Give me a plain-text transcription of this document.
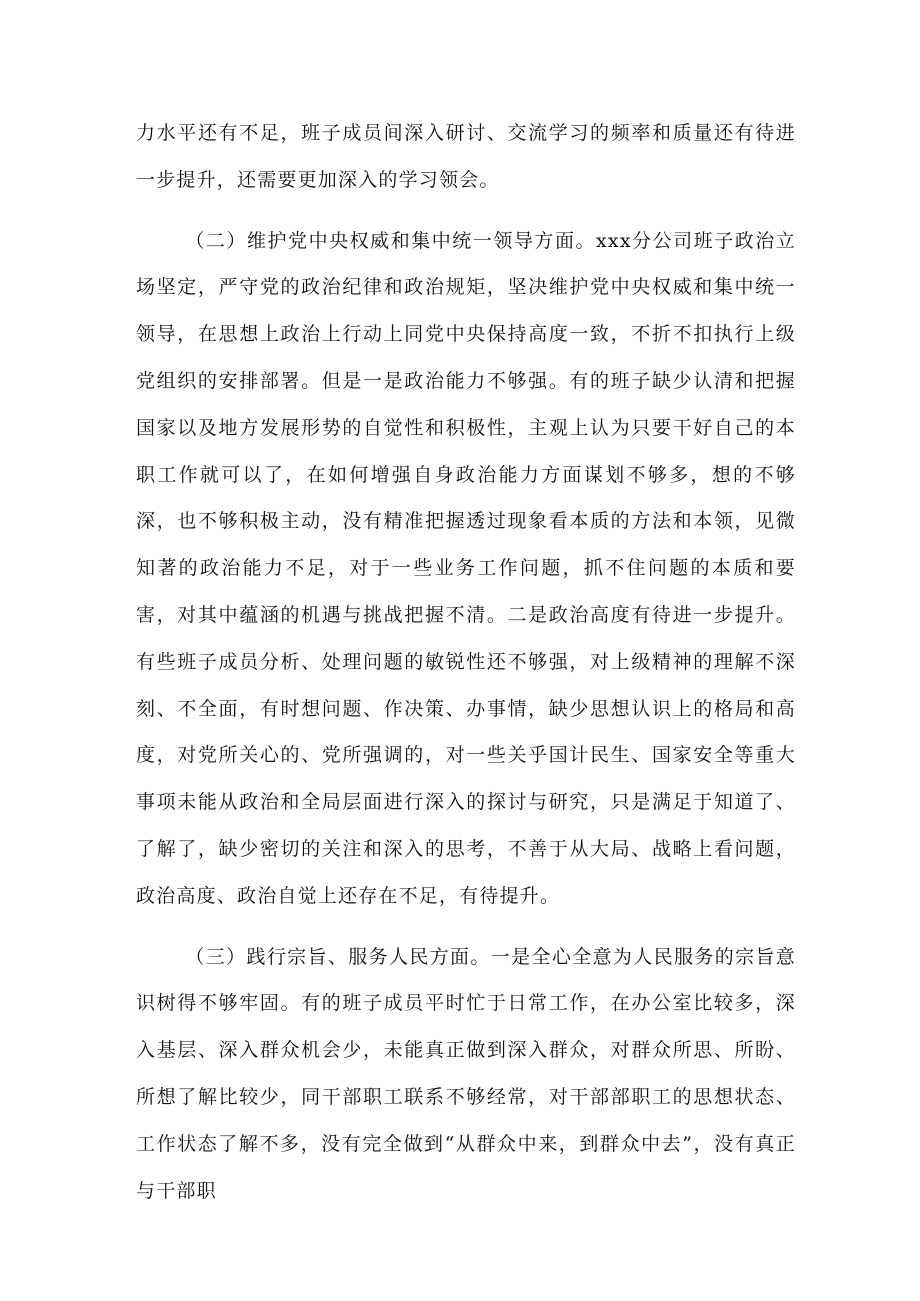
力水平还有不足，班子成员间深入研讨、交流学习的频率和质量还有待进一步提升，还需要更加深入的学习领会。

（二）维护党中央权威和集中统一领导方面。xxx分公司班子政治立场坚定，严守党的政治纪律和政治规矩，坚决维护党中央权威和集中统一领导，在思想上政治上行动上同党中央保持高度一致，不折不扣执行上级党组织的安排部署。但是一是政治能力不够强。有的班子缺少认清和把握国家以及地方发展形势的自觉性和积极性，主观上认为只要干好自己的本职工作就可以了，在如何增强自身政治能力方面谋划不够多，想的不够深，也不够积极主动，没有精准把握透过现象看本质的方法和本领，见微知著的政治能力不足，对于一些业务工作问题，抓不住问题的本质和要害，对其中蕴涵的机遇与挑战把握不清。二是政治高度有待进一步提升。有些班子成员分析、处理问题的敏锐性还不够强，对上级精神的理解不深刻、不全面，有时想问题、作决策、办事情，缺少思想认识上的格局和高度，对党所关心的、党所强调的，对一些关乎国计民生、国家安全等重大事项未能从政治和全局层面进行深入的探讨与研究，只是满足于知道了、了解了，缺少密切的关注和深入的思考，不善于从大局、战略上看问题，政治高度、政治自觉上还存在不足，有待提升。

（三）践行宗旨、服务人民方面。一是全心全意为人民服务的宗旨意识树得不够牢固。有的班子成员平时忙于日常工作，在办公室比较多，深入基层、深入群众机会少，未能真正做到深入群众，对群众所思、所盼、所想了解比较少，同干部职工联系不够经常，对干部部职工的思想状态、工作状态了解不多，没有完全做到“从群众中来，到群众中去”，没有真正与干部职
